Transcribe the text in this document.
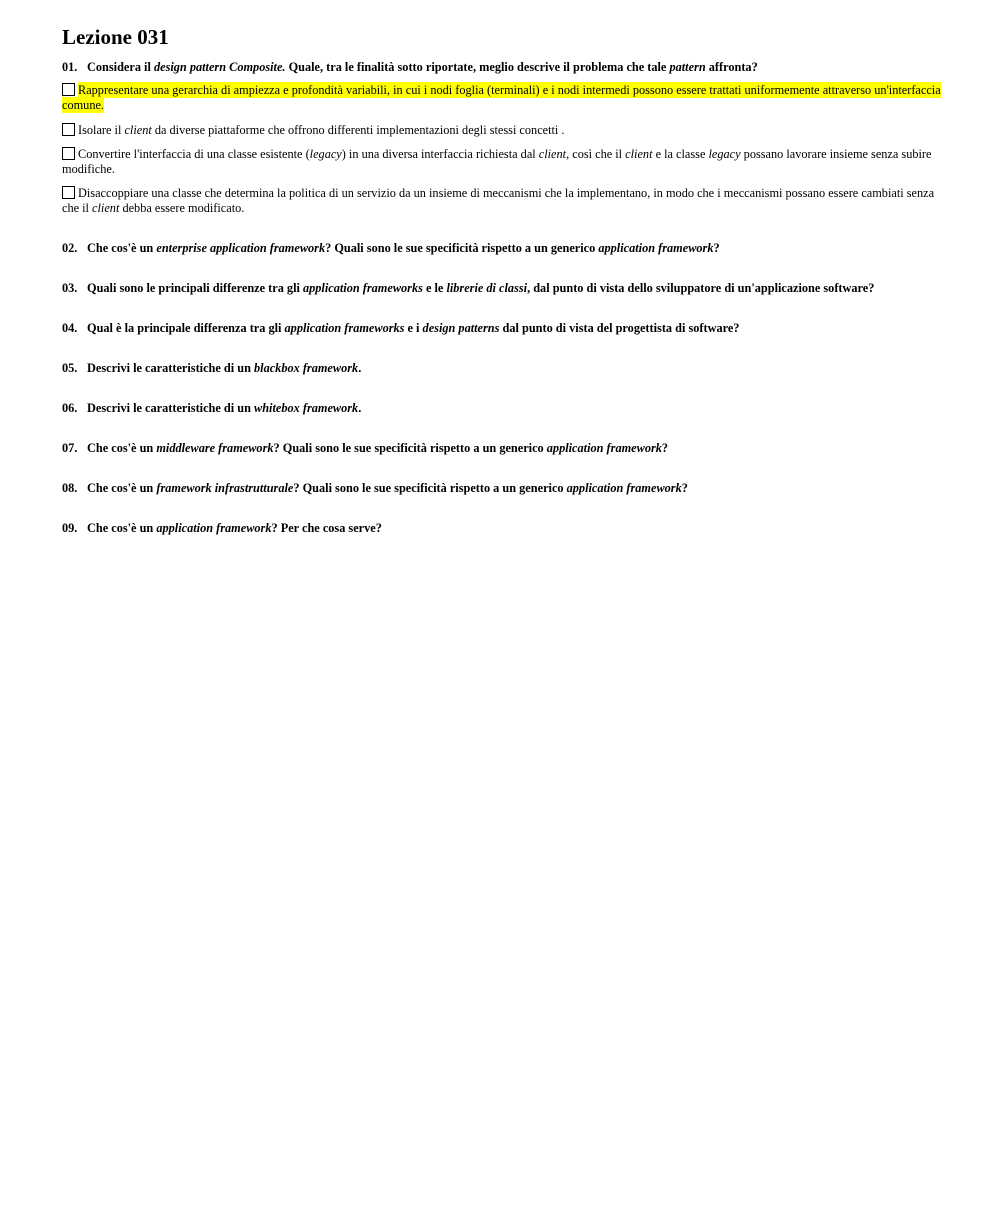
Lezione 031

01. Considera il design pattern Composite. Quale, tra le finalità sotto riportate, meglio descrive il problema che tale pattern affronta?

Rappresentare una gerarchia di ampiezza e profondità variabili, in cui i nodi foglia (terminali) e i nodi intermedi possono essere trattati uniformemente attraverso un'interfaccia comune.

Isolare il client da diverse piattaforme che offrono differenti implementazioni degli stessi concetti .

Convertire l'interfaccia di una classe esistente (legacy) in una diversa interfaccia richiesta dal client, così che il client e la classe legacy possano lavorare insieme senza subire modifiche.

Disaccoppiare una classe che determina la politica di un servizio da un insieme di meccanismi che la implementano, in modo che i meccanismi possano essere cambiati senza che il client debba essere modificato.

02. Che cos'è un enterprise application framework? Quali sono le sue specificità rispetto a un generico application framework?

03. Quali sono le principali differenze tra gli application frameworks e le librerie di classi, dal punto di vista dello sviluppatore di un'applicazione software?

04. Qual è la principale differenza tra gli application frameworks e i design patterns dal punto di vista del progettista di software?

05. Descrivi le caratteristiche di un blackbox framework.

06. Descrivi le caratteristiche di un whitebox framework.

07. Che cos'è un middleware framework? Quali sono le sue specificità rispetto a un generico application framework?

08. Che cos'è un framework infrastrutturale? Quali sono le sue specificità rispetto a un generico application framework?

09. Che cos'è un application framework? Per che cosa serve?
